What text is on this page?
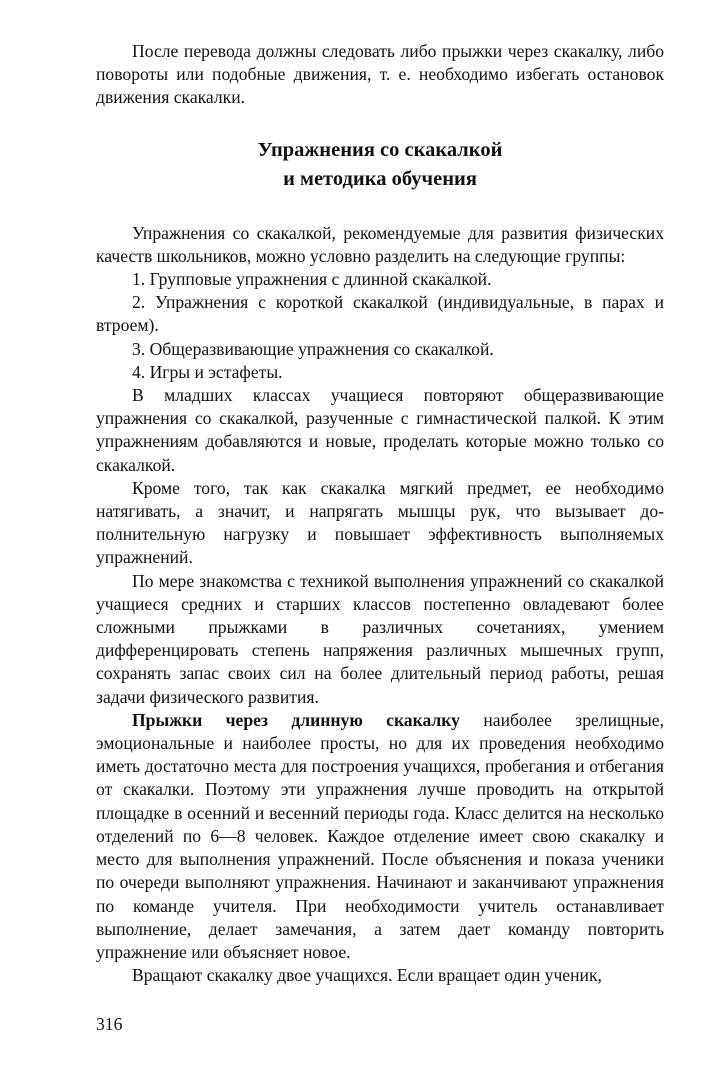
После перевода должны следовать либо прыжки через скакалку, либо повороты или подобные движения, т. е. необходимо избегать остановок движения скакалки.

Упражнения со скакалкой
и методика обучения

Упражнения со скакалкой, рекомендуемые для развития физических качеств школьников, можно условно разделить на следующие группы:

1. Групповые упражнения с длинной скакалкой.
2. Упражнения с короткой скакалкой (индивидуальные, в парах и втроем).
3. Общеразвивающие упражнения со скакалкой.
4. Игры и эстафеты.

В младших классах учащиеся повторяют общеразвивающие упражнения со скакалкой, разученные с гимнастической палкой. К этим упражнениям добавляются и новые, проделать которые можно только со скакалкой.

Кроме того, так как скакалка мягкий предмет, ее необходимо натягивать, а значит, и напрягать мышцы рук, что вызывает дополнительную нагрузку и повышает эффективность выполняемых упражнений.

По мере знакомства с техникой выполнения упражнений со скакалкой учащиеся средних и старших классов постепенно овладевают более сложными прыжками в различных сочетаниях, умением дифференцировать степень напряжения различных мышечных групп, сохранять запас своих сил на более длительный период работы, решая задачи физического развития.

Прыжки через длинную скакалку наиболее зрелищные, эмоциональные и наиболее просты, но для их проведения необходимо иметь достаточно места для построения учащихся, пробегания и отбегания от скакалки. Поэтому эти упражнения лучше проводить на открытой площадке в осенний и весенний периоды года. Класс делится на несколько отделений по 6—8 человек. Каждое отделение имеет свою скакалку и место для выполнения упражнений. После объяснения и показа ученики по очереди выполняют упражнения. Начинают и заканчивают упражнения по команде учителя. При необходимости учитель останавливает выполнение, делает замечания, а затем дает команду повторить упражнение или объясняет новое.

Вращают скакалку двое учащихся. Если вращает один ученик,

316
